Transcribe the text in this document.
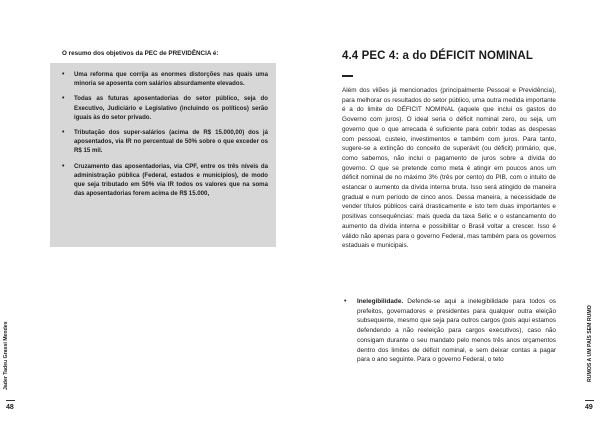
O resumo dos objetivos da PEC de PREVIDÊNCIA é:
• Uma reforma que corrija as enormes distorções nas quais uma minoria se aposenta com salários absurdamente elevados.
• Todas as futuras aposentadorias do setor público, seja do Executivo, Judiciário e Legislativo (incluindo os políticos) serão iguais às do setor privado.
• Tributação dos super-salários (acima de R$ 15.000,00) dos já aposentados, via IR no percentual de 50% sobre o que exceder os R$ 15 mil.
• Cruzamento das aposentadorias, via CPF, entre os três níveis da administração pública (Federal, estados e municípios), de modo que seja tributado em 50% via IR todos os valores que na soma das aposentadorias forem acima de R$ 15.000,
Jader Tadeu Grassi Mendes
48
4.4 PEC 4: a do DÉFICIT NOMINAL

Além dos vilões já mencionados (principalmente Pessoal e Previdência), para melhorar os resultados do setor público, uma outra medida importante é a do limite do DÉFICIT NOMINAL (aquele que inclui os gastos do Governo com juros). O ideal seria o déficit nominal zero, ou seja, um governo que o que arrecada é suficiente para cobrir todas as despesas com pessoal, custeio, investimentos e também com juros. Para tanto, sugere-se a extinção do conceito de superávit (ou déficit) primário, que, como sabemos, não inclui o pagamento de juros sobre a dívida do governo. O que se pretende como meta é atingir em poucos anos um déficit nominal de no máximo 3% (três por cento) do PIB, com o intuito de estancar o aumento da dívida interna bruta. Isso será atingido de maneira gradual e num período de cinco anos. Dessa maneira, a necessidade de vender títulos públicos cairá drasticamente e isto tem duas importantes e positivas consequências: mais queda da taxa Selic e o estancamento do aumento da dívida interna e possibilitar o Brasil voltar a crescer. Isso é válido não apenas para o governo Federal, mas também para os governos estaduais e municipais.

• Inelegibilidade. Defende-se aqui a inelegibilidade para todos os prefeitos, governadores e presidentes para qualquer outra eleição subsequente, mesmo que seja para outros cargos (pois aqui estamos defendendo a não reeleição para cargos executivos), caso não consigam durante o seu mandato pelo menos três anos orçamentos dentro dos limites de déficit nominal, e sem deixar contas a pagar para o ano seguinte. Para o governo Federal, o teto	RUMOS A UM PAÍS SEM RUMO
49
